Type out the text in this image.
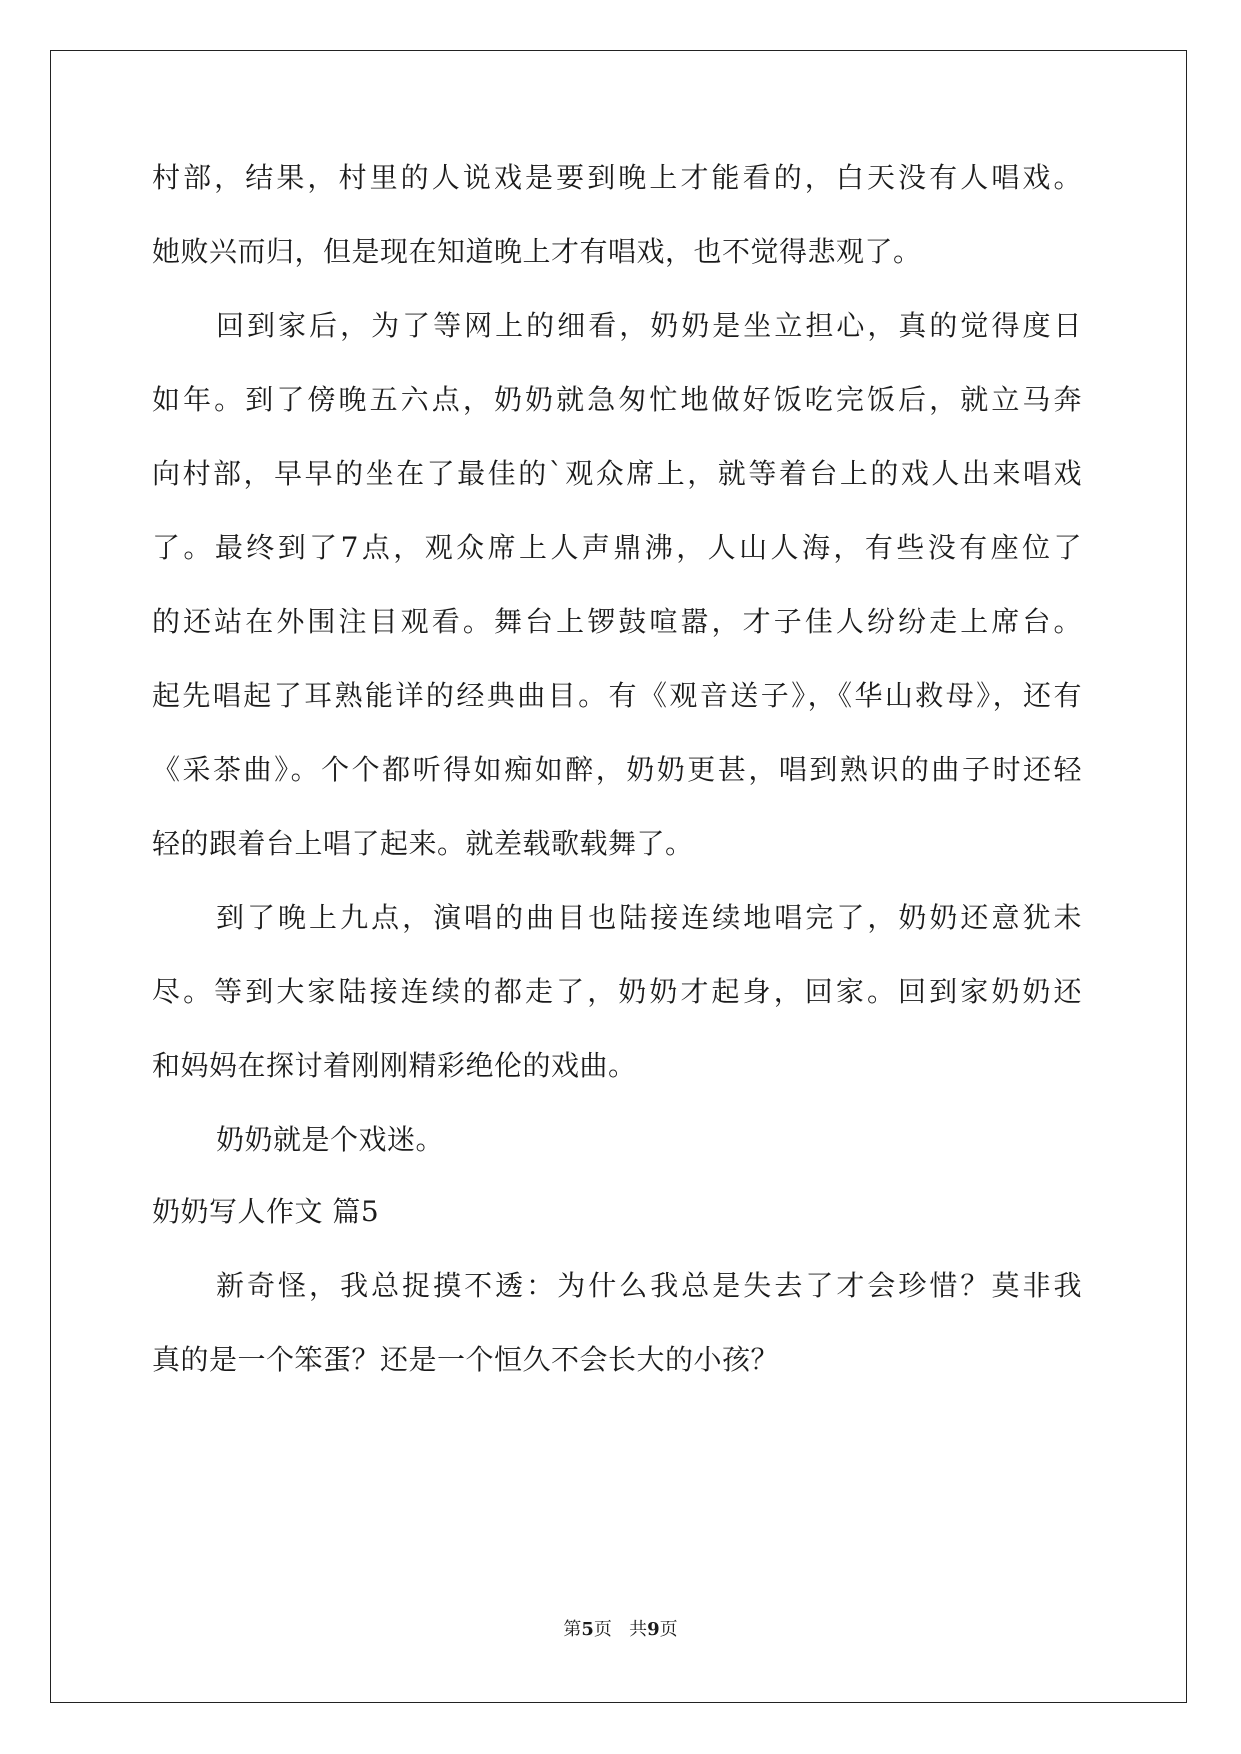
村部，结果，村里的人说戏是要到晚上才能看的，白天没有人唱戏。
她败兴而归，但是现在知道晚上才有唱戏，也不觉得悲观了。
回到家后，为了等网上的细看，奶奶是坐立担心，真的觉得度日
如年。到了傍晚五六点，奶奶就急匆忙地做好饭吃完饭后，就立马奔
向村部，早早的坐在了最佳的`观众席上，就等着台上的戏人出来唱戏
了。最终到了7点，观众席上人声鼎沸，人山人海，有些没有座位了
的还站在外围注目观看。舞台上锣鼓喧嚣，才子佳人纷纷走上席台。
起先唱起了耳熟能详的经典曲目。有《观音送子》，《华山救母》，还有
《采茶曲》。个个都听得如痴如醉，奶奶更甚，唱到熟识的曲子时还轻
轻的跟着台上唱了起来。就差载歌载舞了。
到了晚上九点，演唱的曲目也陆接连续地唱完了，奶奶还意犹未
尽。等到大家陆接连续的都走了，奶奶才起身，回家。回到家奶奶还
和妈妈在探讨着刚刚精彩绝伦的戏曲。
奶奶就是个戏迷。
奶奶写人作文 篇5
新奇怪，我总捉摸不透：为什么我总是失去了才会珍惜？莫非我
真的是一个笨蛋？还是一个恒久不会长大的小孩？
第5页   共9页
